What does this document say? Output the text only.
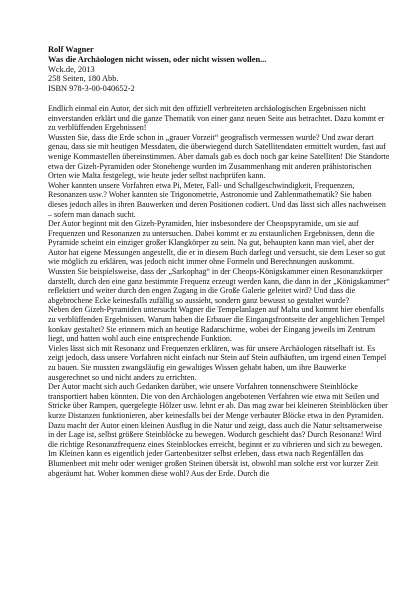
Rolf Wagner
Was die Archäologen nicht wissen, oder nicht wissen wollen...
Wck.de, 2013
258 Seiten, 180 Abb.
ISBN 978-3-00-040652-2

Endlich einmal ein Autor, der sich mit den offiziell verbreiteten archäologischen Ergebnissen nicht einverstanden erklärt und die ganze Thematik von einer ganz neuen Seite aus betrachtet. Dazu kommt er zu verblüffenden Ergebnissen!

Wussten Sie, dass die Erde schon in „grauer Vorzeit“ geografisch vermessen wurde? Und zwar derart genau, dass sie mit heutigen Messdaten, die überwiegend durch Satellitendaten ermittelt wurden, fast auf wenige Kommastellen übereinstimmen. Aber damals gab es doch noch gar keine Satelliten! Die Standorte etwa der Gizeh-Pyramiden oder Stonehenge wurden im Zusammenhang mit anderen prähistorischen Orten wie Malta festgelegt, wie heute jeder selbst nachprüfen kann.

Woher kannten unsere Vorfahren etwa Pi, Meter, Fall- und Schallgeschwindigkeit, Frequenzen, Resonanzen usw.? Woher kannten sie Trigonometrie, Astronomie und Zahlenmathematik? Sie haben dieses jedoch alles in ihren Bauwerken und deren Positionen codiert. Und das lässt sich alles nachweisen – sofern man danach sucht.

Der Autor beginnt mit den Gizeh-Pyramiden, hier insbesondere der Cheopspyramide, um sie auf Frequenzen und Resonanzen zu untersuchen. Dabei kommt er zu erstaunlichen Ergebnissen, denn die Pyramide scheint ein einziger großer Klangkörper zu sein. Na gut, behaupten kann man viel, aber der Autor hat eigene Messungen angestellt, die er in diesem Buch darlegt und versucht, sie dem Leser so gut wie möglich zu erklären, was jedoch nicht immer ohne Formeln und Berechnungen auskommt.

Wussten Sie beispielsweise, dass der „Sarkophag“ in der Cheops-Königskammer einen Resonanzkörper darstellt, durch den eine ganz bestimmte Frequenz erzeugt werden kann, die dann in der „Königskammer“ reflektiert und weiter durch den engen Zugang in die Große Galerie geleitet wird? Und dass die abgebrochene Ecke keinesfalls zufällig so aussieht, sondern ganz bewusst so gestaltet wurde?

Neben den Gizeh-Pyramiden untersucht Wagner die Tempelanlagen auf Malta und kommt hier ebenfalls zu verblüffenden Ergebnissen. Warum haben die Erbauer die Eingangsfrontseite der angeblichen Tempel konkav gestaltet? Sie erinnern mich an heutige Radarschirme, wobei der Eingang jeweils im Zentrum liegt, und hatten wohl auch eine entsprechende Funktion.

Vieles lässt sich mit Resonanz und Frequenzen erklären, was für unsere Archäologen rätselhaft ist. Es zeigt jedoch, dass unsere Vorfahren nicht einfach nur Stein auf Stein aufhäuften, um irgend einen Tempel zu bauen. Sie mussten zwangsläufig ein gewaltiges Wissen gehabt haben, um ihre Bauwerke ausgerechnet so und nicht anders zu errichten.

Der Autor macht sich auch Gedanken darüber, wie unsere Vorfahren tonnenschwere Steinblöcke transportiert haben könnten. Die von den Archäologen angebotenen Verfahren wie etwa mit Seilen und Stricke über Rampen, quergelegte Hölzer usw. lehnt er ab. Das mag zwar bei kleineren Steinblöcken über kurze Distanzen funktionieren, aber keinesfalls bei der Menge verbauter Blöcke etwa in den Pyramiden. Dazu macht der Autor einen kleinen Ausflug in die Natur und zeigt, dass auch die Natur seltsamerweise in der Lage ist, selbst größere Steinblöcke zu bewegen. Wodurch geschieht das? Durch Resonanz! Wird die richtige Resonanzfrequenz eines Steinblockes erreicht, beginnt er zu vibrieren und sich zu bewegen. Im Kleinen kann es eigentlich jeder Gartenbesitzer selbst erleben, dass etwa nach Regenfällen das Blumenbeet mit mehr oder weniger großen Steinen übersät ist, obwohl man solche erst vor kurzer Zeit abgeräumt hat. Woher kommen diese wohl? Aus der Erde. Durch die
